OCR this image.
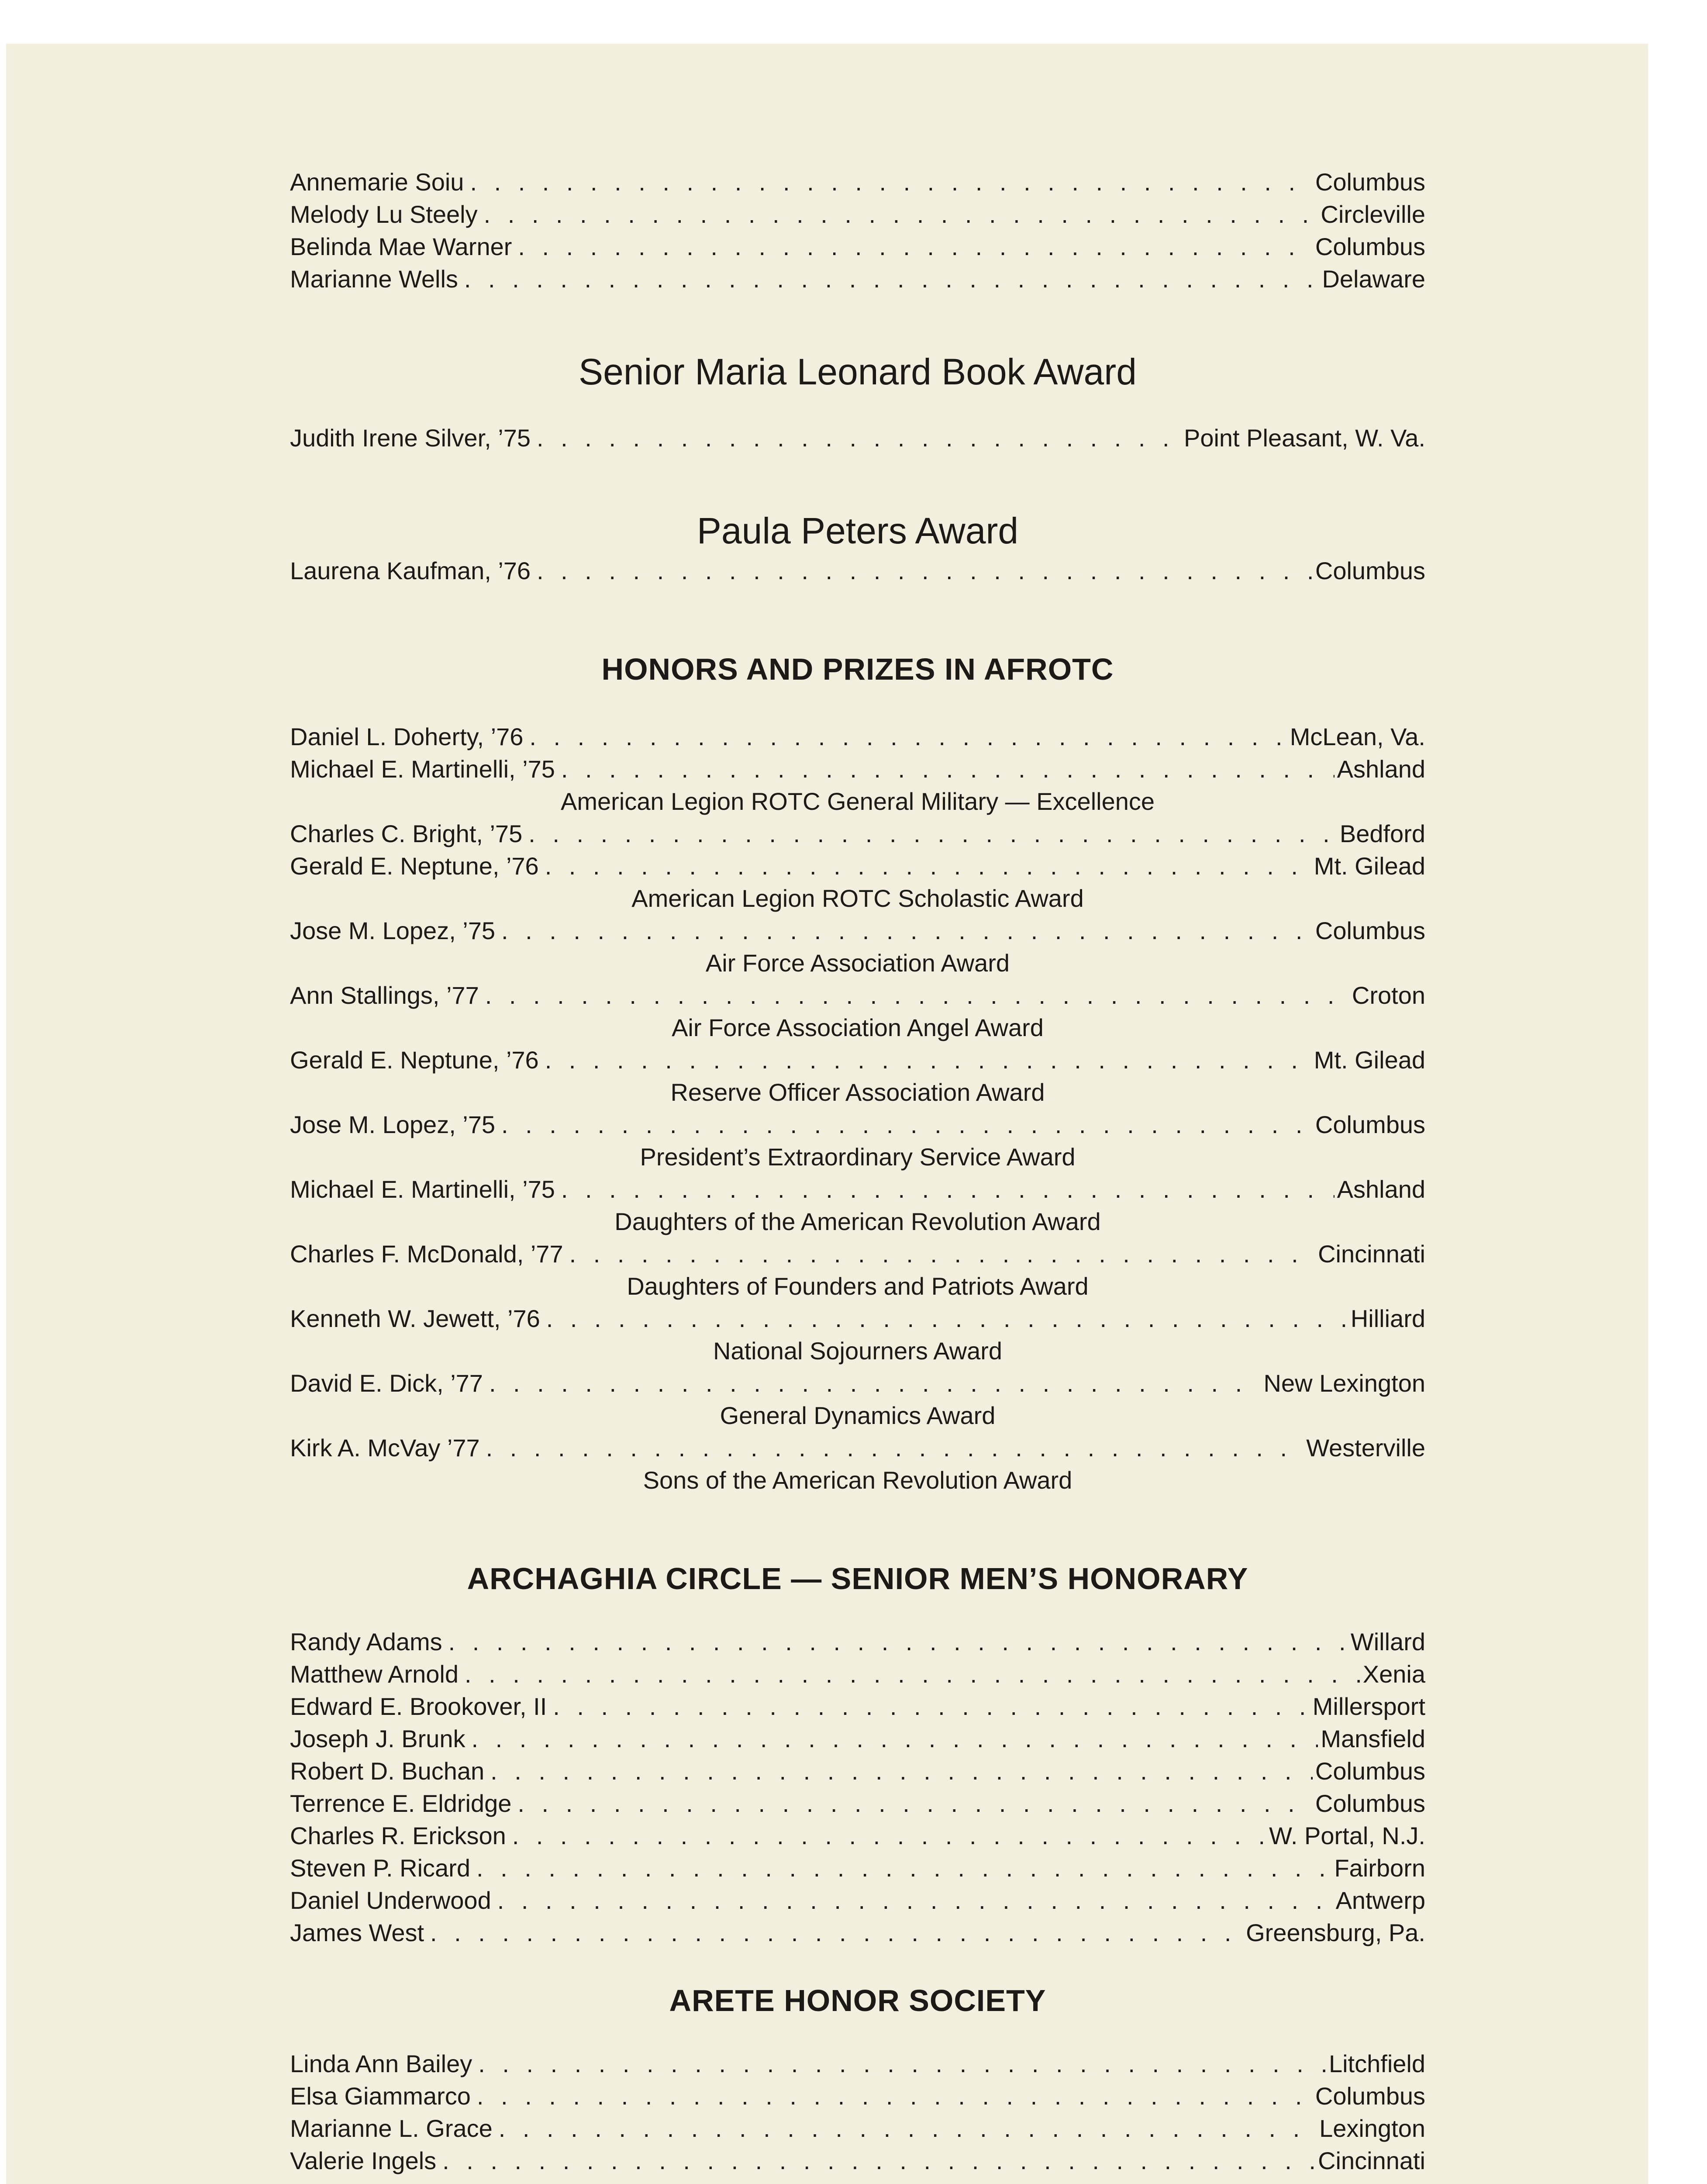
Annemarie Soiu . . .	Columbus
Melody Lu Steely . . .	Circleville
Belinda Mae Warner . . .	Columbus
Marianne Wells . . .	Delaware
Senior Maria Leonard Book Award
Judith Irene Silver, ’75 . . .	Point Pleasant, W. Va.
Paula Peters Award
Laurena Kaufman, ’76 . . .	Columbus
HONORS AND PRIZES IN AFROTC
Daniel L. Doherty, ’76 . . .	McLean, Va.
Michael E. Martinelli, ’75 . . .	Ashland
American Legion ROTC General Military — Excellence
Charles C. Bright, ’75 . . .	Bedford
Gerald E. Neptune, ’76 . . .	Mt. Gilead
American Legion ROTC Scholastic Award
Jose M. Lopez, ’75 . . .	Columbus
Air Force Association Award
Ann Stallings, ’77 . . .	Croton
Air Force Association Angel Award
Gerald E. Neptune, ’76 . . .	Mt. Gilead
Reserve Officer Association Award
Jose M. Lopez, ’75 . . .	Columbus
President’s Extraordinary Service Award
Michael E. Martinelli, ’75 . . .	Ashland
Daughters of the American Revolution Award
Charles F. McDonald, ’77 . . .	Cincinnati
Daughters of Founders and Patriots Award
Kenneth W. Jewett, ’76 . . .	Hilliard
National Sojourners Award
David E. Dick, ’77 . . .	New Lexington
General Dynamics Award
Kirk A. McVay ’77 . . .	Westerville
Sons of the American Revolution Award
ARCHAGHIA CIRCLE — SENIOR MEN’S HONORARY
Randy Adams . . .	Willard
Matthew Arnold . . .	Xenia
Edward E. Brookover, II . . .	Millersport
Joseph J. Brunk . . .	Mansfield
Robert D. Buchan . . .	Columbus
Terrence E. Eldridge . . .	Columbus
Charles R. Erickson . . .	W. Portal, N.J.
Steven P. Ricard . . .	Fairborn
Daniel Underwood . . .	Antwerp
James West . . .	Greensburg, Pa.
ARETE HONOR SOCIETY
Linda Ann Bailey . . .	Litchfield
Elsa Giammarco . . .	Columbus
Marianne L. Grace . . .	Lexington
Valerie Ingels . . .	Cincinnati
